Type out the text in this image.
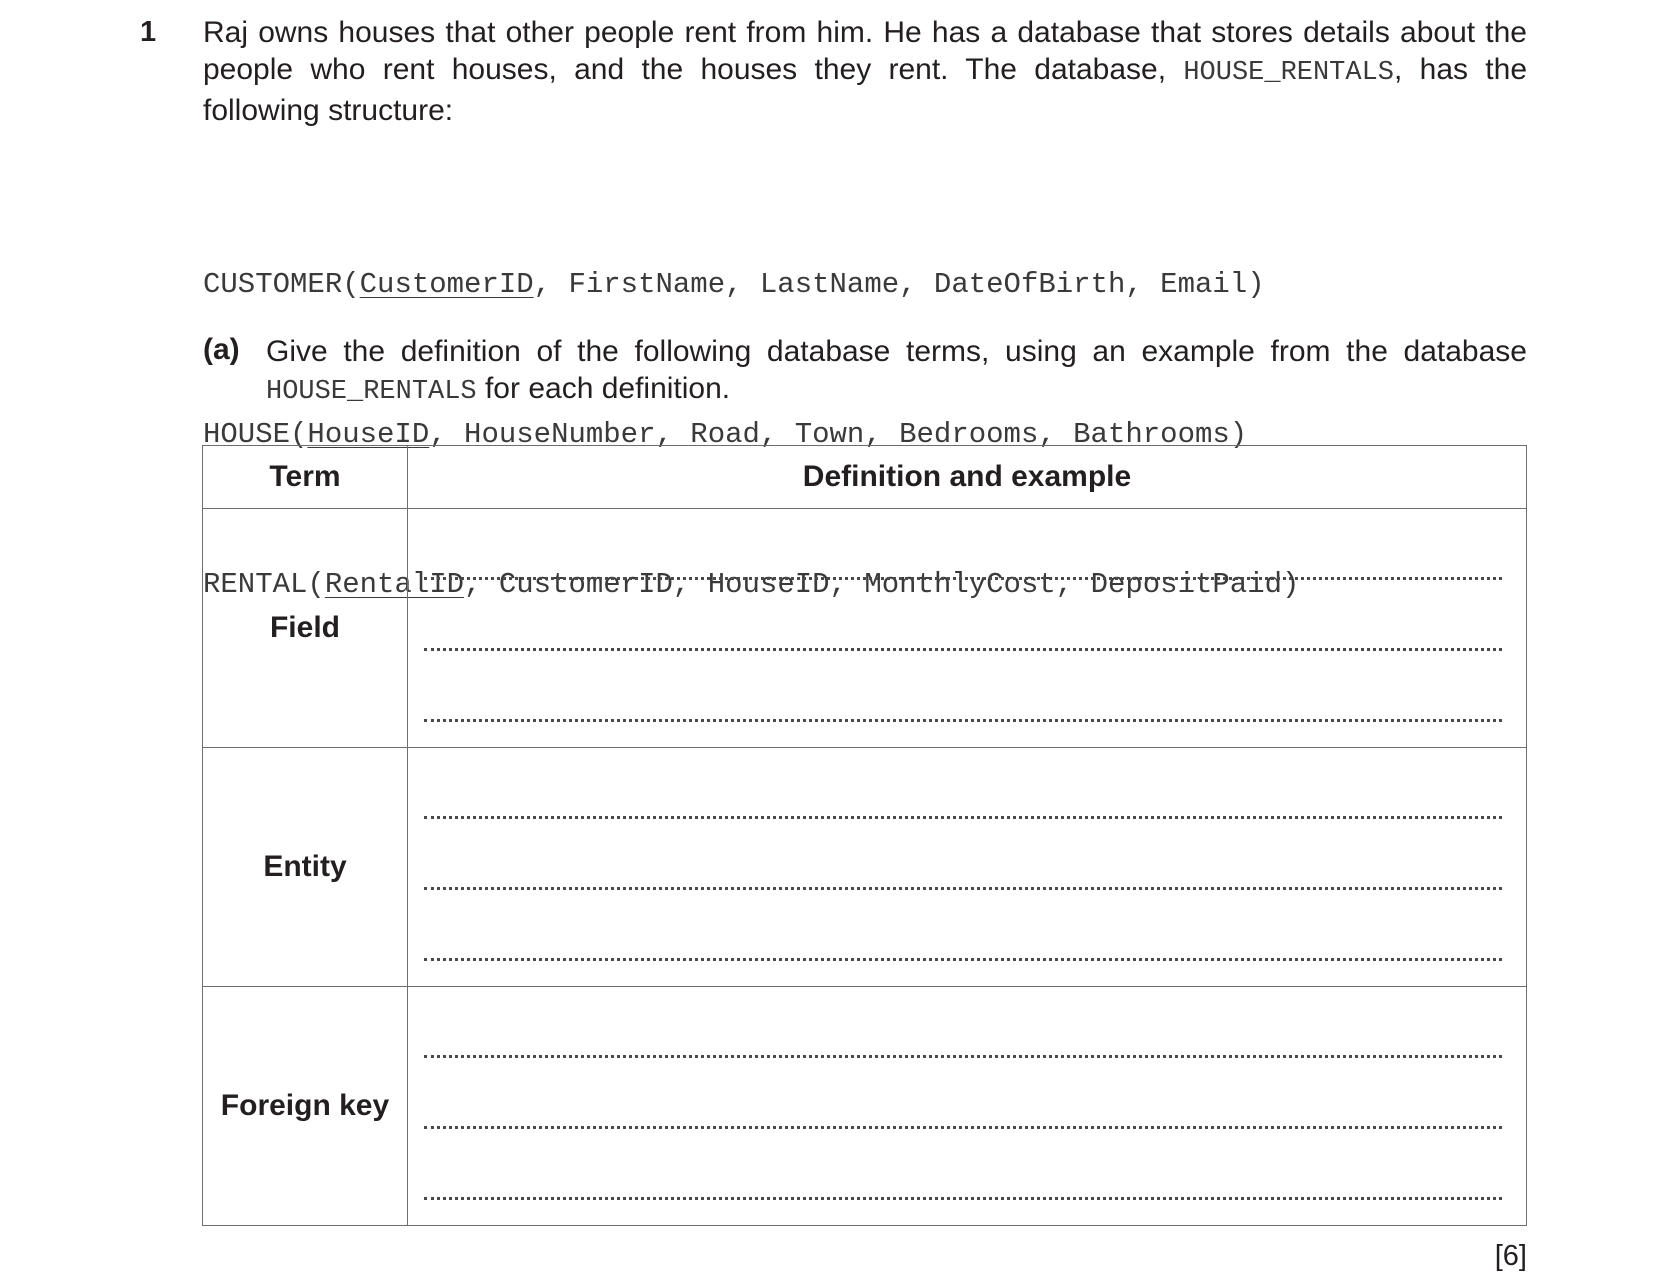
1 Raj owns houses that other people rent from him. He has a database that stores details about the people who rent houses, and the houses they rent. The database, HOUSE_RENTALS, has the following structure:

CUSTOMER(CustomerID, FirstName, LastName, DateOfBirth, Email)

HOUSE(HouseID, HouseNumber, Road, Town, Bedrooms, Bathrooms)

RENTAL(RentalID, CustomerID, HouseID, MonthlyCost, DepositPaid)

(a) Give the definition of the following database terms, using an example from the database HOUSE_RENTALS for each definition.

Term	Definition and example
Field	

Entity	

Foreign key	
[6]
